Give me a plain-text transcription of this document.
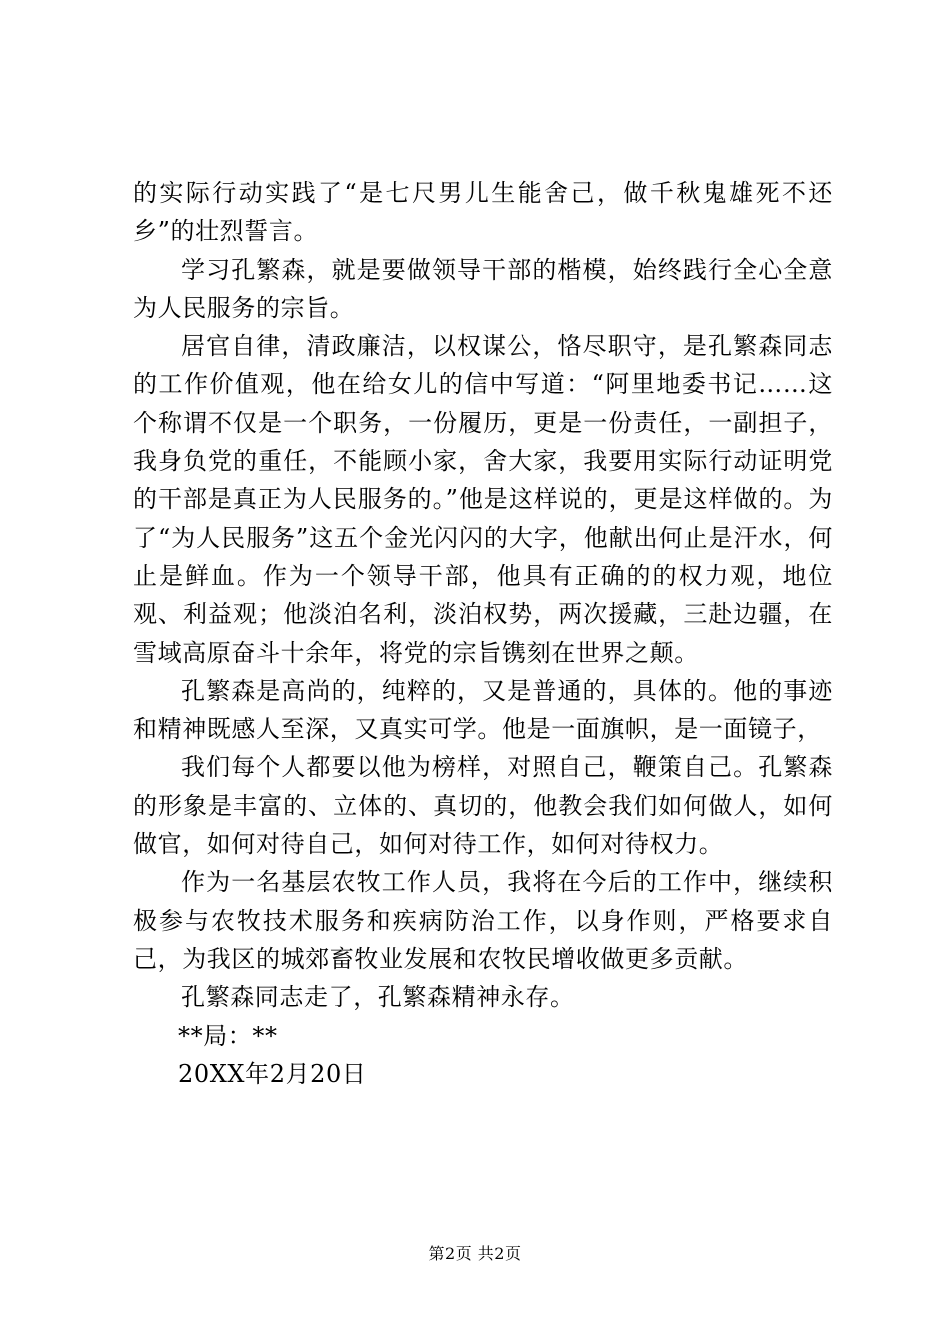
的实际行动实践了“是七尺男儿生能舍己，做千秋鬼雄死不还乡”的壮烈誓言。

学习孔繁森，就是要做领导干部的楷模，始终践行全心全意为人民服务的宗旨。

居官自律，清政廉洁，以权谋公，恪尽职守，是孔繁森同志的工作价值观，他在给女儿的信中写道：“阿里地委书记……这个称谓不仅是一个职务，一份履历，更是一份责任，一副担子，我身负党的重任，不能顾小家，舍大家，我要用实际行动证明党的干部是真正为人民服务的。”他是这样说的，更是这样做的。为了“为人民服务”这五个金光闪闪的大字，他献出何止是汗水，何止是鲜血。作为一个领导干部，他具有正确的的权力观，地位观、利益观；他淡泊名利，淡泊权势，两次援藏，三赴边疆，在雪域高原奋斗十余年，将党的宗旨镌刻在世界之颠。

孔繁森是高尚的，纯粹的，又是普通的，具体的。他的事迹和精神既感人至深，又真实可学。他是一面旗帜，是一面镜子，

我们每个人都要以他为榜样，对照自己，鞭策自己。孔繁森的形象是丰富的、立体的、真切的，他教会我们如何做人，如何做官，如何对待自己，如何对待工作，如何对待权力。

作为一名基层农牧工作人员，我将在今后的工作中，继续积极参与农牧技术服务和疾病防治工作，以身作则，严格要求自己，为我区的城郊畜牧业发展和农牧民增收做更多贡献。

孔繁森同志走了，孔繁森精神永存。

**局：**

20XX年2月20日

第2页 共2页
